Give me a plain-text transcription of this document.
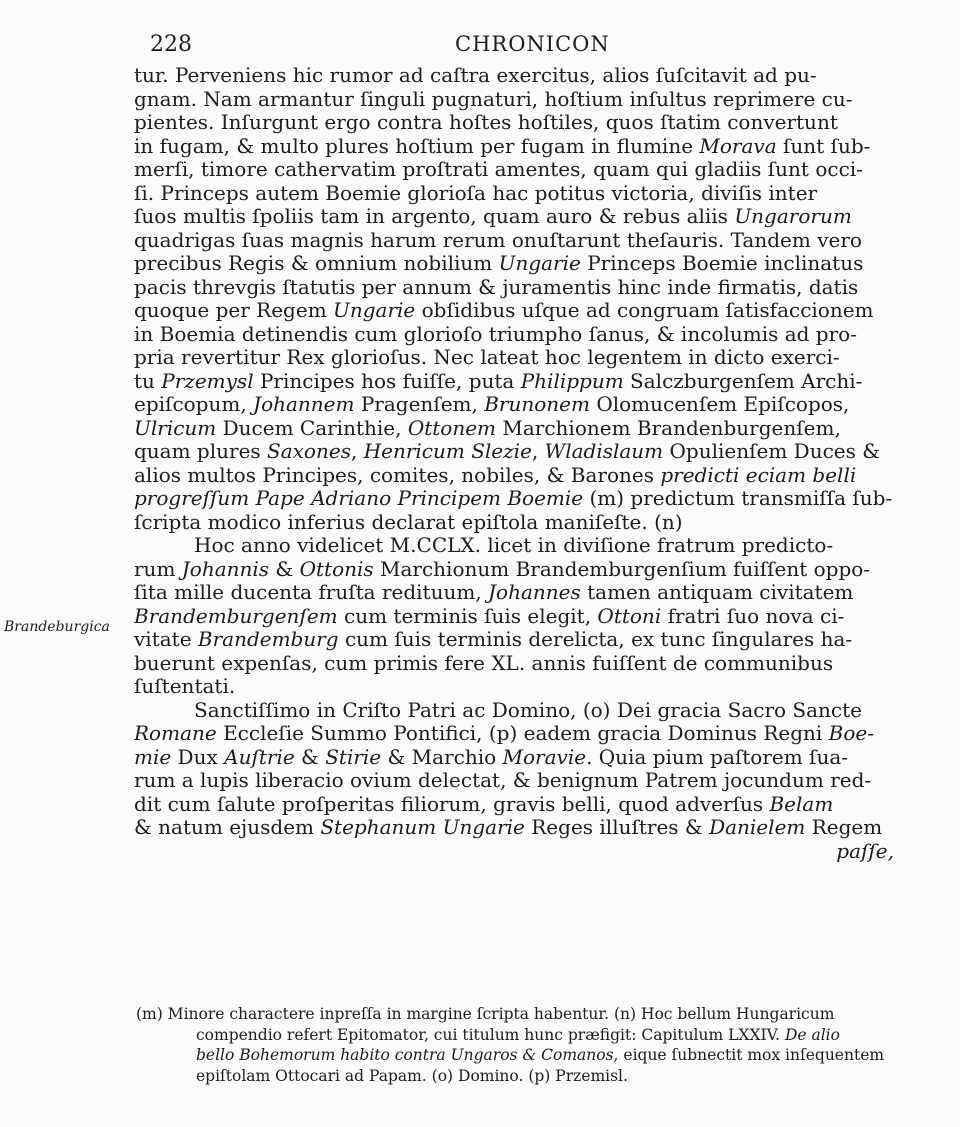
228	CHRONICON
Brandeburgica
tur. Perveniens hic rumor ad caſtra exercitus, alios ſuſcitavit ad pu-
gnam. Nam armantur ſinguli pugnaturi, hoſtium inſultus reprimere cu-
pientes. Inſurgunt ergo contra hoſtes hoſtiles, quos ſtatim convertunt
in fugam, & multo plures hoſtium per fugam in flumine Morava ſunt ſub-
merſi, timore cathervatim proſtrati amentes, quam qui gladiis ſunt occi-
ſi. Princeps autem Boemie glorioſa hac potitus victoria, diviſis inter
ſuos multis ſpoliis tam in argento, quam auro & rebus aliis Ungarorum
quadrigas ſuas magnis harum rerum onuſtarunt theſauris. Tandem vero
precibus Regis & omnium nobilium Ungarie Princeps Boemie inclinatus
pacis threvgis ſtatutis per annum & juramentis hinc inde firmatis, datis
quoque per Regem Ungarie obſidibus uſque ad congruam ſatisfaccionem
in Boemia detinendis cum glorioſo triumpho ſanus, & incolumis ad pro-
pria revertitur Rex glorioſus. Nec lateat hoc legentem in dicto exerci-
tu Przemysl Principes hos fuiſſe, puta Philippum Salczburgenſem Archi-
epiſcopum, Johannem Pragenſem, Brunonem Olomucenſem Epiſcopos,
Ulricum Ducem Carinthie, Ottonem Marchionem Brandenburgenſem,
quam plures Saxones, Henricum Slezie, Wladislaum Opulienſem Duces &
alios multos Principes, comites, nobiles, & Barones predicti eciam belli
progreſſum Pape Adriano Principem Boemie (m) predictum transmiſſa ſub-
ſcripta modico inferius declarat epiſtola maniſeſte. (n)
Hoc anno videlicet M.CCLX. licet in diviſione fratrum predicto-
rum Johannis & Ottonis Marchionum Brandemburgenſium fuiſſent oppo-
ſita mille ducenta fruſta redituum, Johannes tamen antiquam civitatem
Brandemburgenſem cum terminis ſuis elegit, Ottoni fratri ſuo nova ci-
vitate Brandemburg cum ſuis terminis derelicta, ex tunc ſingulares ha-
buerunt expenſas, cum primis fere XL. annis fuiſſent de communibus
ſuſtentati.
Sanctiſſimo in Criſto Patri ac Domino, (o) Dei gracia Sacro Sancte
Romane Eccleſie Summo Pontifici, (p) eadem gracia Dominus Regni Boe-
mie Dux Auſtrie & Stirie & Marchio Moravie. Quia pium paſtorem ſua-
rum a lupis liberacio ovium delectat, & benignum Patrem jocundum red-
dit cum ſalute proſperitas filiorum, gravis belli, quod adverſus Belam
& natum ejusdem Stephanum Ungarie Reges illuſtres & Danielem Regem
paſſe,
(m) Minore charactere inpreſſa in margine ſcripta habentur. (n) Hoc bellum Hungaricum
compendio refert Epitomator, cui titulum hunc præfigit: Capitulum LXXIV. De alio
bello Bohemorum habito contra Ungaros & Comanos, eique ſubnectit mox inſequentem
epiſtolam Ottocari ad Papam. (o) Domino. (p) Przemisl.
